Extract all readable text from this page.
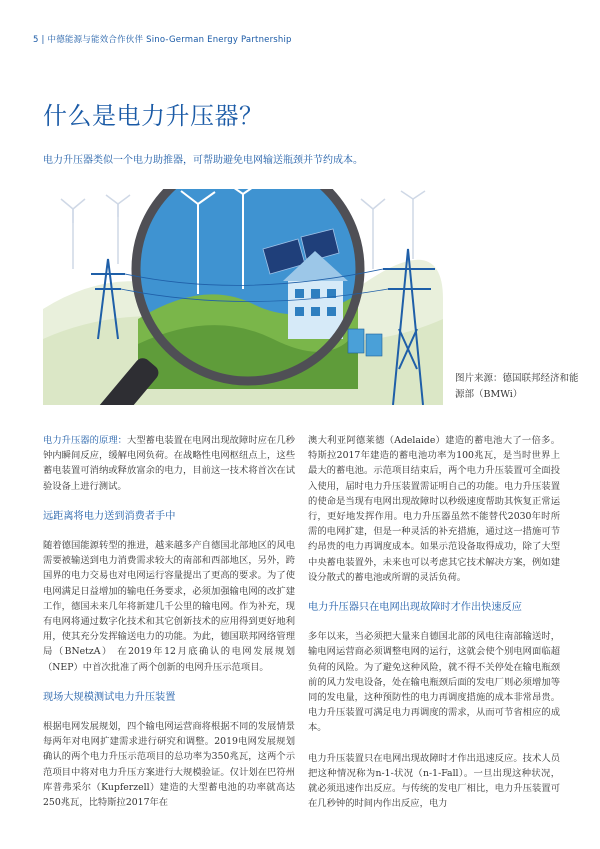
5 | 中德能源与能效合作伙伴 Sino-German Energy Partnership
什么是电力升压器？
电力升压器类似一个电力助推器，可帮助避免电网输送瓶颈并节约成本。
图片来源：德国联邦经济和能源部（BMWi）

电力升压器的原理：大型蓄电装置在电网出现故障时应在几秒钟内瞬间反应，缓解电网负荷。在战略性电网枢纽点上，这些蓄电装置可消纳或释放富余的电力，目前这一技术将首次在试验设备上进行测试。

远距离将电力送到消费者手中

随着德国能源转型的推进，越来越多产自德国北部地区的风电需要被输送到电力消费需求较大的南部和西部地区，另外，跨国界的电力交易也对电网运行容量提出了更高的要求。为了使电网满足日益增加的输电任务要求，必须加强输电网的改扩建工作，德国未来几年将新建几千公里的输电网。作为补充，现有电网将通过数字化技术和其它创新技术的应用得到更好地利用，使其充分发挥输送电力的功能。为此，德国联邦网络管理局（BNetzA） 在2019年12月底确认的电网发展规划（NEP）中首次批准了两个创新的电网升压示范项目。

现场大规模测试电力升压装置

根据电网发展规划，四个输电网运营商将根据不同的发展情景每两年对电网扩建需求进行研究和调整。2019电网发展规划确认的两个电力升压示范项目的总功率为350兆瓦，这两个示范项目中将对电力升压方案进行大规模验证。仅计划在巴符州库普弗采尔（Kupferzell）建造的大型蓄电池的功率就高达250兆瓦，比特斯拉2017年在

澳大利亚阿德莱德（Adelaide）建造的蓄电池大了一倍多。特斯拉2017年建造的蓄电池功率为100兆瓦，是当时世界上最大的蓄电池。示范项目结束后，两个电力升压装置可全面投入使用，届时电力升压装置需证明自己的功能。电力升压装置的使命是当现有电网出现故障时以秒级速度帮助其恢复正常运行，更好地发挥作用。电力升压器虽然不能替代2030年时所需的电网扩建，但是一种灵活的补充措施，通过这一措施可节约昂贵的电力再调度成本。如果示范设备取得成功，除了大型中央蓄电装置外，未来也可以考虑其它技术解决方案，例如建设分散式的蓄电池或所谓的灵活负荷。

电力升压器只在电网出现故障时才作出快速反应

多年以来，当必须把大量来自德国北部的风电往南部输送时，输电网运营商必须调整电网的运行，这就会使个别电网面临超负荷的风险。为了避免这种风险，就不得不关停处在输电瓶颈前的风力发电设备，处在输电瓶颈后面的发电厂则必须增加等同的发电量，这种预防性的电力再调度措施的成本非常昂贵。电力升压装置可满足电力再调度的需求，从而可节省相应的成本。

电力升压装置只在电网出现故障时才作出迅速反应。技术人员把这种情况称为n-1-状况（n-1-Fall）。一旦出现这种状况，就必须迅速作出反应。与传统的发电厂相比，电力升压装置可在几秒钟的时间内作出反应，电力
